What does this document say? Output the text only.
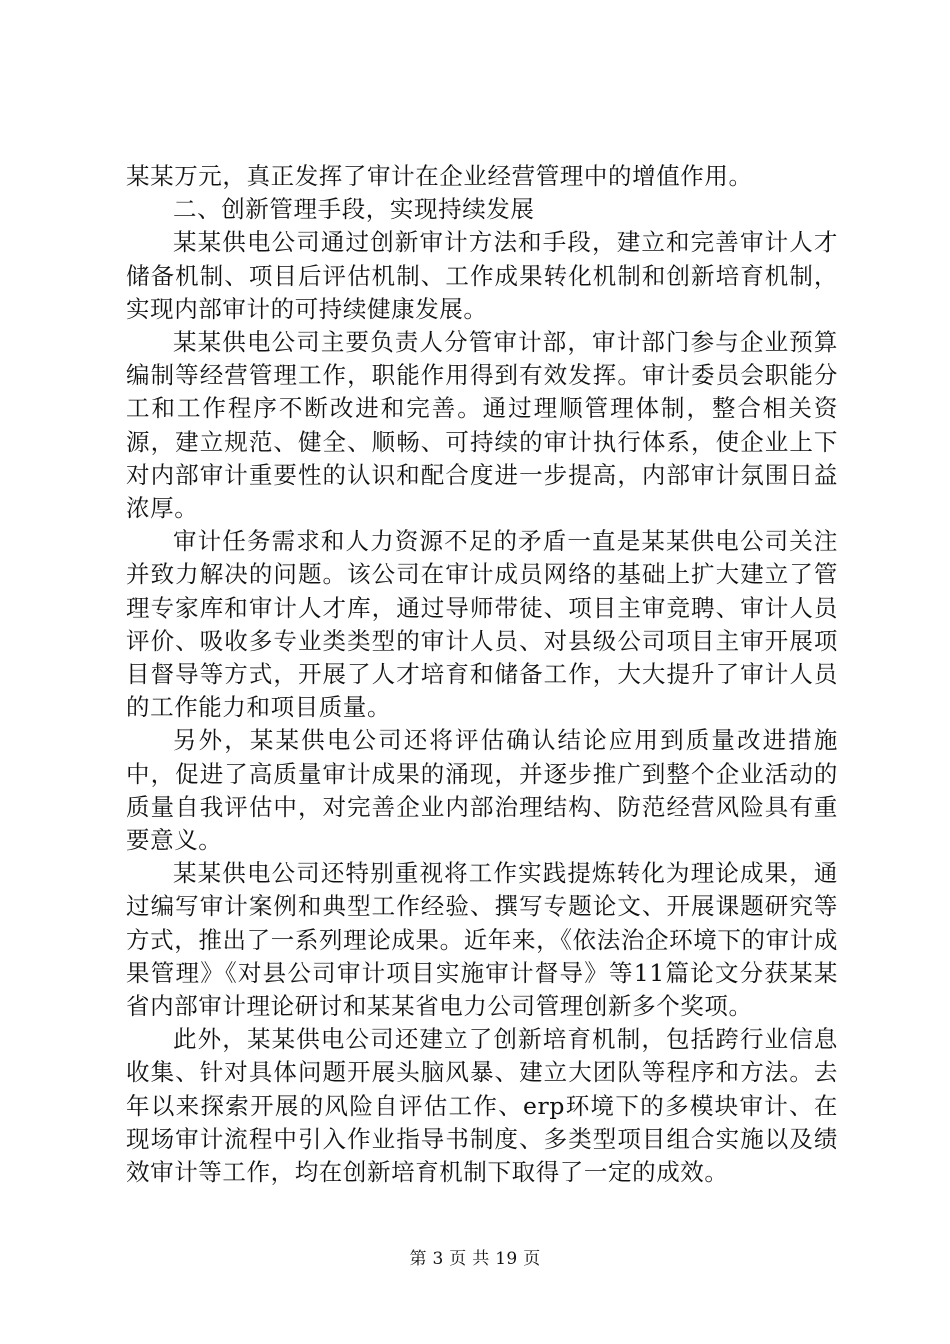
某某万元，真正发挥了审计在企业经营管理中的增值作用。

二、创新管理手段，实现持续发展

某某供电公司通过创新审计方法和手段，建立和完善审计人才储备机制、项目后评估机制、工作成果转化机制和创新培育机制，实现内部审计的可持续健康发展。

某某供电公司主要负责人分管审计部，审计部门参与企业预算编制等经营管理工作，职能作用得到有效发挥。审计委员会职能分工和工作程序不断改进和完善。通过理顺管理体制，整合相关资源，建立规范、健全、顺畅、可持续的审计执行体系，使企业上下对内部审计重要性的认识和配合度进一步提高，内部审计氛围日益浓厚。

审计任务需求和人力资源不足的矛盾一直是某某供电公司关注并致力解决的问题。该公司在审计成员网络的基础上扩大建立了管理专家库和审计人才库，通过导师带徒、项目主审竞聘、审计人员评价、吸收多专业类类型的审计人员、对县级公司项目主审开展项目督导等方式，开展了人才培育和储备工作，大大提升了审计人员的工作能力和项目质量。

另外，某某供电公司还将评估确认结论应用到质量改进措施中，促进了高质量审计成果的涌现，并逐步推广到整个企业活动的质量自我评估中，对完善企业内部治理结构、防范经营风险具有重要意义。

某某供电公司还特别重视将工作实践提炼转化为理论成果，通过编写审计案例和典型工作经验、撰写专题论文、开展课题研究等方式，推出了一系列理论成果。近年来，《依法治企环境下的审计成果管理》《对县公司审计项目实施审计督导》等11篇论文分获某某省内部审计理论研讨和某某省电力公司管理创新多个奖项。

此外，某某供电公司还建立了创新培育机制，包括跨行业信息收集、针对具体问题开展头脑风暴、建立大团队等程序和方法。去年以来探索开展的风险自评估工作、erp环境下的多模块审计、在现场审计流程中引入作业指导书制度、多类型项目组合实施以及绩效审计等工作，均在创新培育机制下取得了一定的成效。

第 3 页 共 19 页
